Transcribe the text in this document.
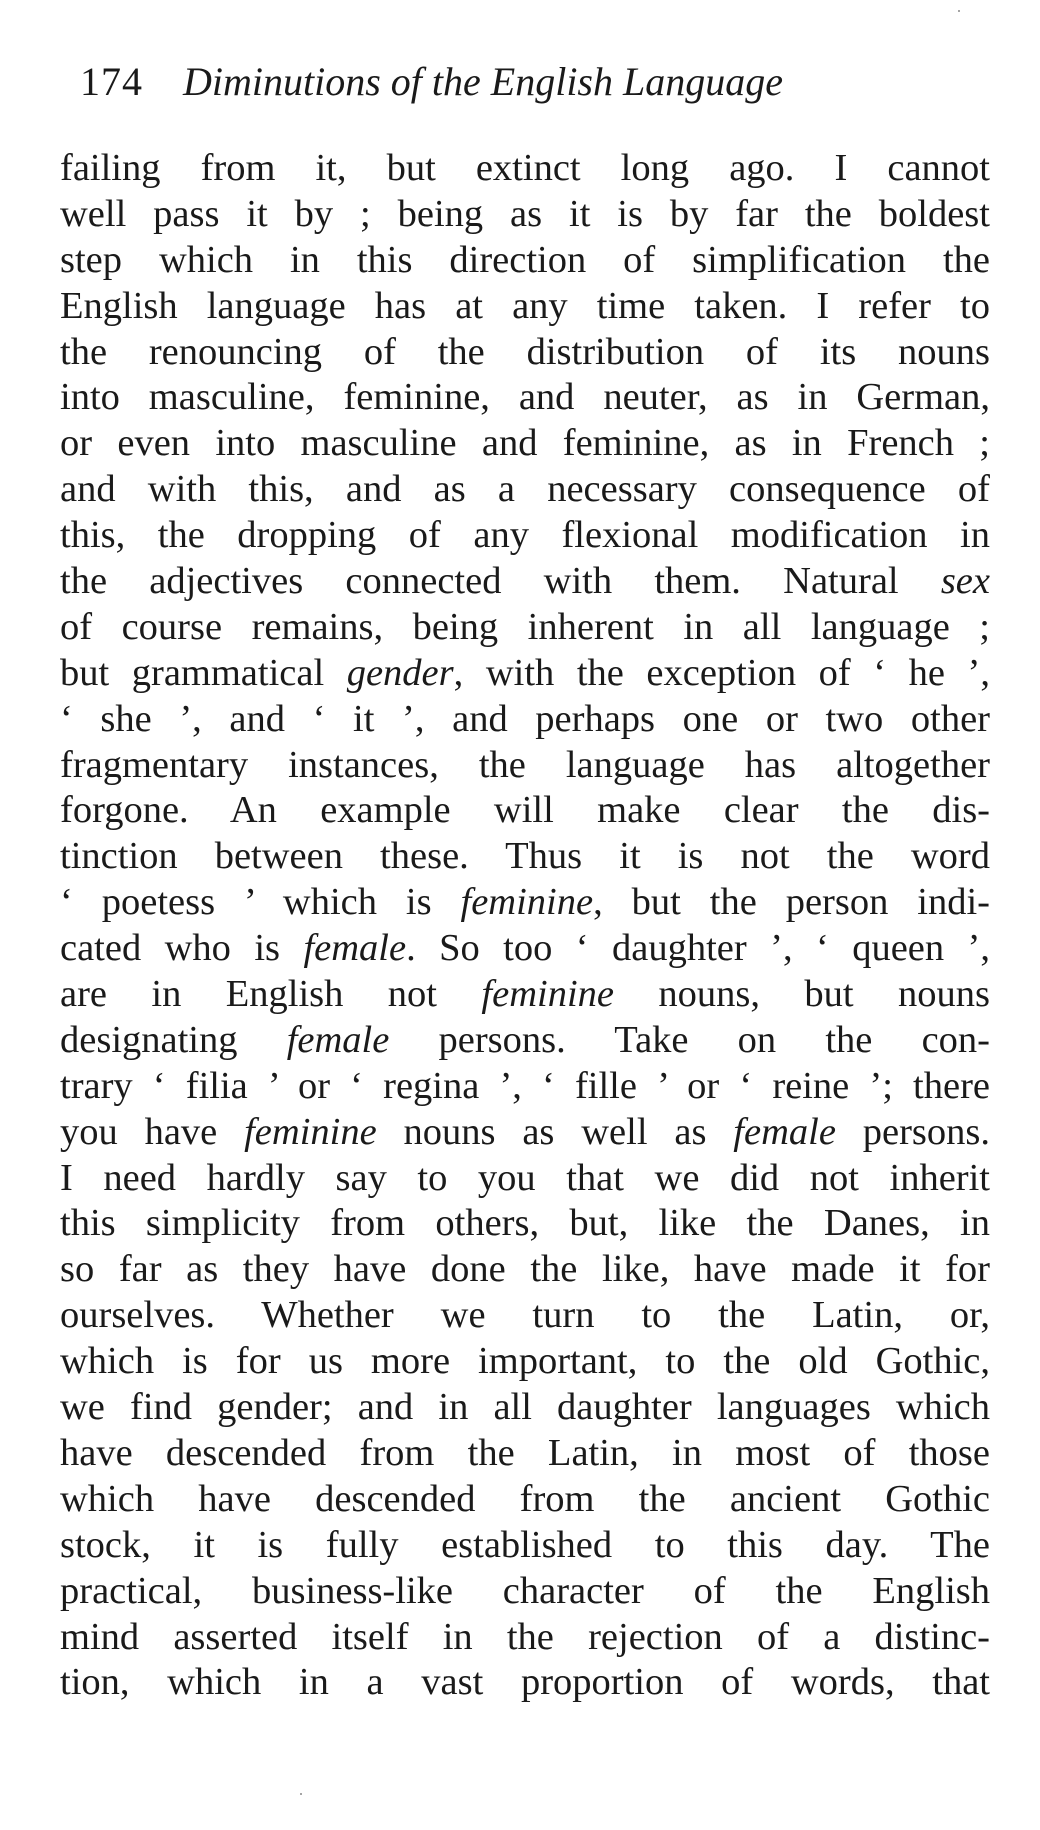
174 Diminutions of the English Language
failing from it, but extinct long ago. I cannot
well pass it by ; being as it is by far the boldest
step which in this direction of simplification the
English language has at any time taken. I refer to
the renouncing of the distribution of its nouns
into masculine, feminine, and neuter, as in German,
or even into masculine and feminine, as in French ;
and with this, and as a necessary consequence of
this, the dropping of any flexional modification in
the adjectives connected with them. Natural sex
of course remains, being inherent in all language ;
but grammatical gender, with the exception of ‘ he ’,
‘ she ’, and ‘ it ’, and perhaps one or two other
fragmentary instances, the language has altogether
forgone. An example will make clear the dis-
tinction between these. Thus it is not the word
‘ poetess ’ which is feminine, but the person indi-
cated who is female. So too ‘ daughter ’, ‘ queen ’,
are in English not feminine nouns, but nouns
designating female persons. Take on the con-
trary ‘ filia ’ or ‘ regina ’, ‘ fille ’ or ‘ reine ’; there
you have feminine nouns as well as female persons.
I need hardly say to you that we did not inherit
this simplicity from others, but, like the Danes, in
so far as they have done the like, have made it for
ourselves. Whether we turn to the Latin, or,
which is for us more important, to the old Gothic,
we find gender; and in all daughter languages which
have descended from the Latin, in most of those
which have descended from the ancient Gothic
stock, it is fully established to this day. The
practical, business-like character of the English
mind asserted itself in the rejection of a distinc-
tion, which in a vast proportion of words, that
